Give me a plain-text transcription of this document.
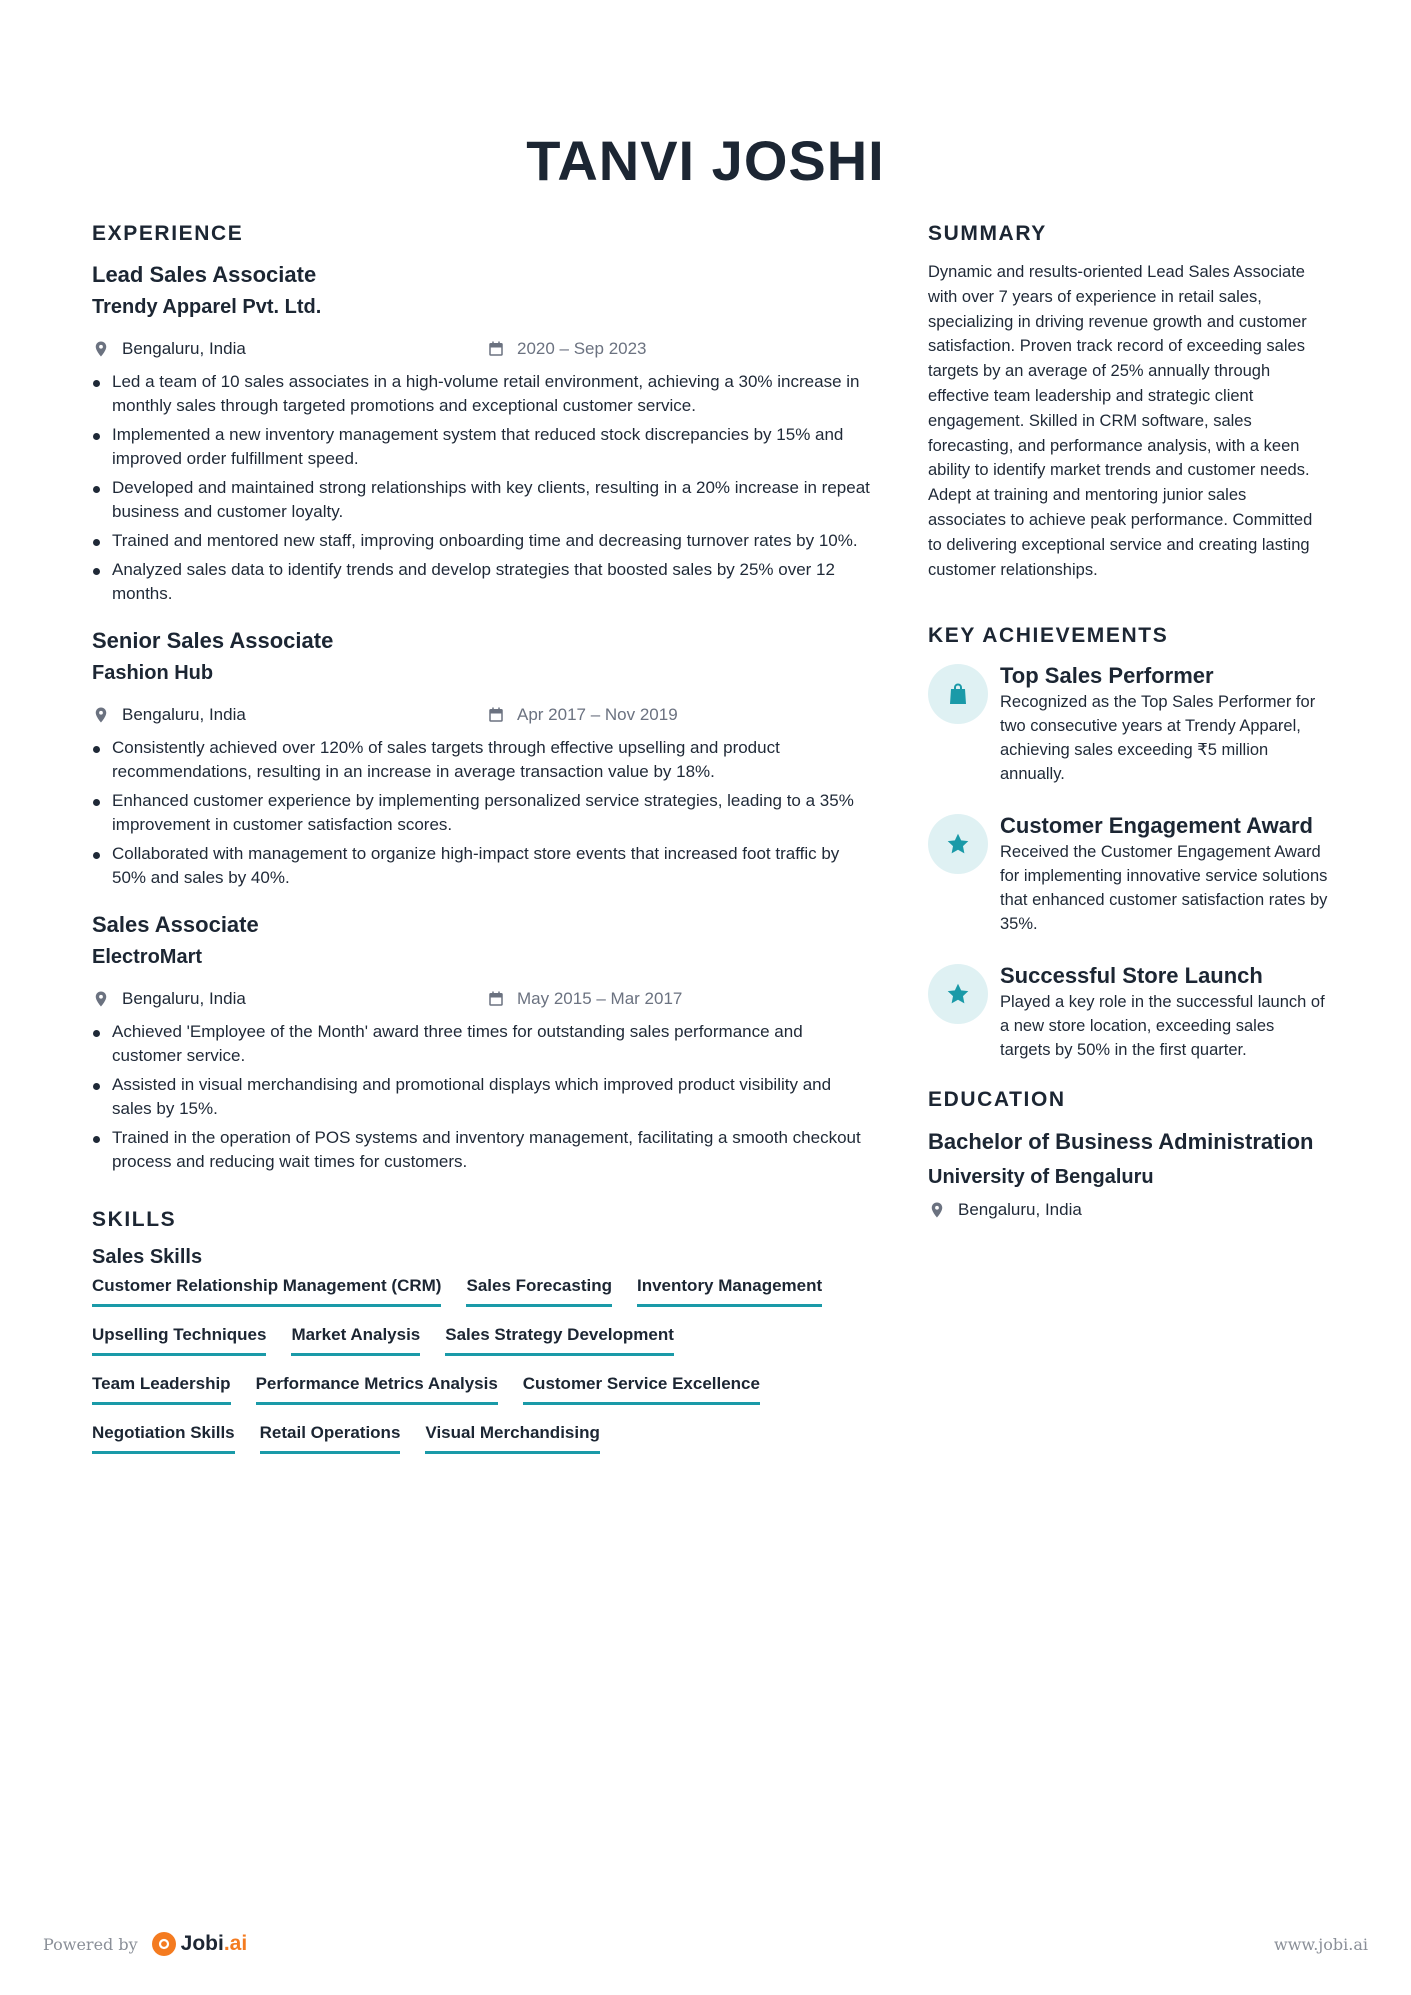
TANVI JOSHI
EXPERIENCE
Lead Sales Associate
Trendy Apparel Pvt. Ltd.
Bengaluru, India	2020 – Sep 2023
Led a team of 10 sales associates in a high-volume retail environment, achieving a 30% increase in monthly sales through targeted promotions and exceptional customer service.
Implemented a new inventory management system that reduced stock discrepancies by 15% and improved order fulfillment speed.
Developed and maintained strong relationships with key clients, resulting in a 20% increase in repeat business and customer loyalty.
Trained and mentored new staff, improving onboarding time and decreasing turnover rates by 10%.
Analyzed sales data to identify trends and develop strategies that boosted sales by 25% over 12 months.
Senior Sales Associate
Fashion Hub
Bengaluru, India	Apr 2017 – Nov 2019
Consistently achieved over 120% of sales targets through effective upselling and product recommendations, resulting in an increase in average transaction value by 18%.
Enhanced customer experience by implementing personalized service strategies, leading to a 35% improvement in customer satisfaction scores.
Collaborated with management to organize high-impact store events that increased foot traffic by 50% and sales by 40%.
Sales Associate
ElectroMart
Bengaluru, India	May 2015 – Mar 2017
Achieved 'Employee of the Month' award three times for outstanding sales performance and customer service.
Assisted in visual merchandising and promotional displays which improved product visibility and sales by 15%.
Trained in the operation of POS systems and inventory management, facilitating a smooth checkout process and reducing wait times for customers.
SKILLS
Sales Skills
Customer Relationship Management (CRM) Sales Forecasting Inventory Management
Upselling Techniques Market Analysis Sales Strategy Development
Team Leadership Performance Metrics Analysis Customer Service Excellence
Negotiation Skills Retail Operations Visual Merchandising
SUMMARY
Dynamic and results-oriented Lead Sales Associate with over 7 years of experience in retail sales, specializing in driving revenue growth and customer satisfaction. Proven track record of exceeding sales targets by an average of 25% annually through effective team leadership and strategic client engagement. Skilled in CRM software, sales forecasting, and performance analysis, with a keen ability to identify market trends and customer needs. Adept at training and mentoring junior sales associates to achieve peak performance. Committed to delivering exceptional service and creating lasting customer relationships.
KEY ACHIEVEMENTS
Top Sales Performer
Recognized as the Top Sales Performer for two consecutive years at Trendy Apparel, achieving sales exceeding ₹5 million annually.
Customer Engagement Award
Received the Customer Engagement Award for implementing innovative service solutions that enhanced customer satisfaction rates by 35%.
Successful Store Launch
Played a key role in the successful launch of a new store location, exceeding sales targets by 50% in the first quarter.
EDUCATION
Bachelor of Business Administration
University of Bengaluru
Bengaluru, India
Powered by Jobi .ai	www.jobi.ai
